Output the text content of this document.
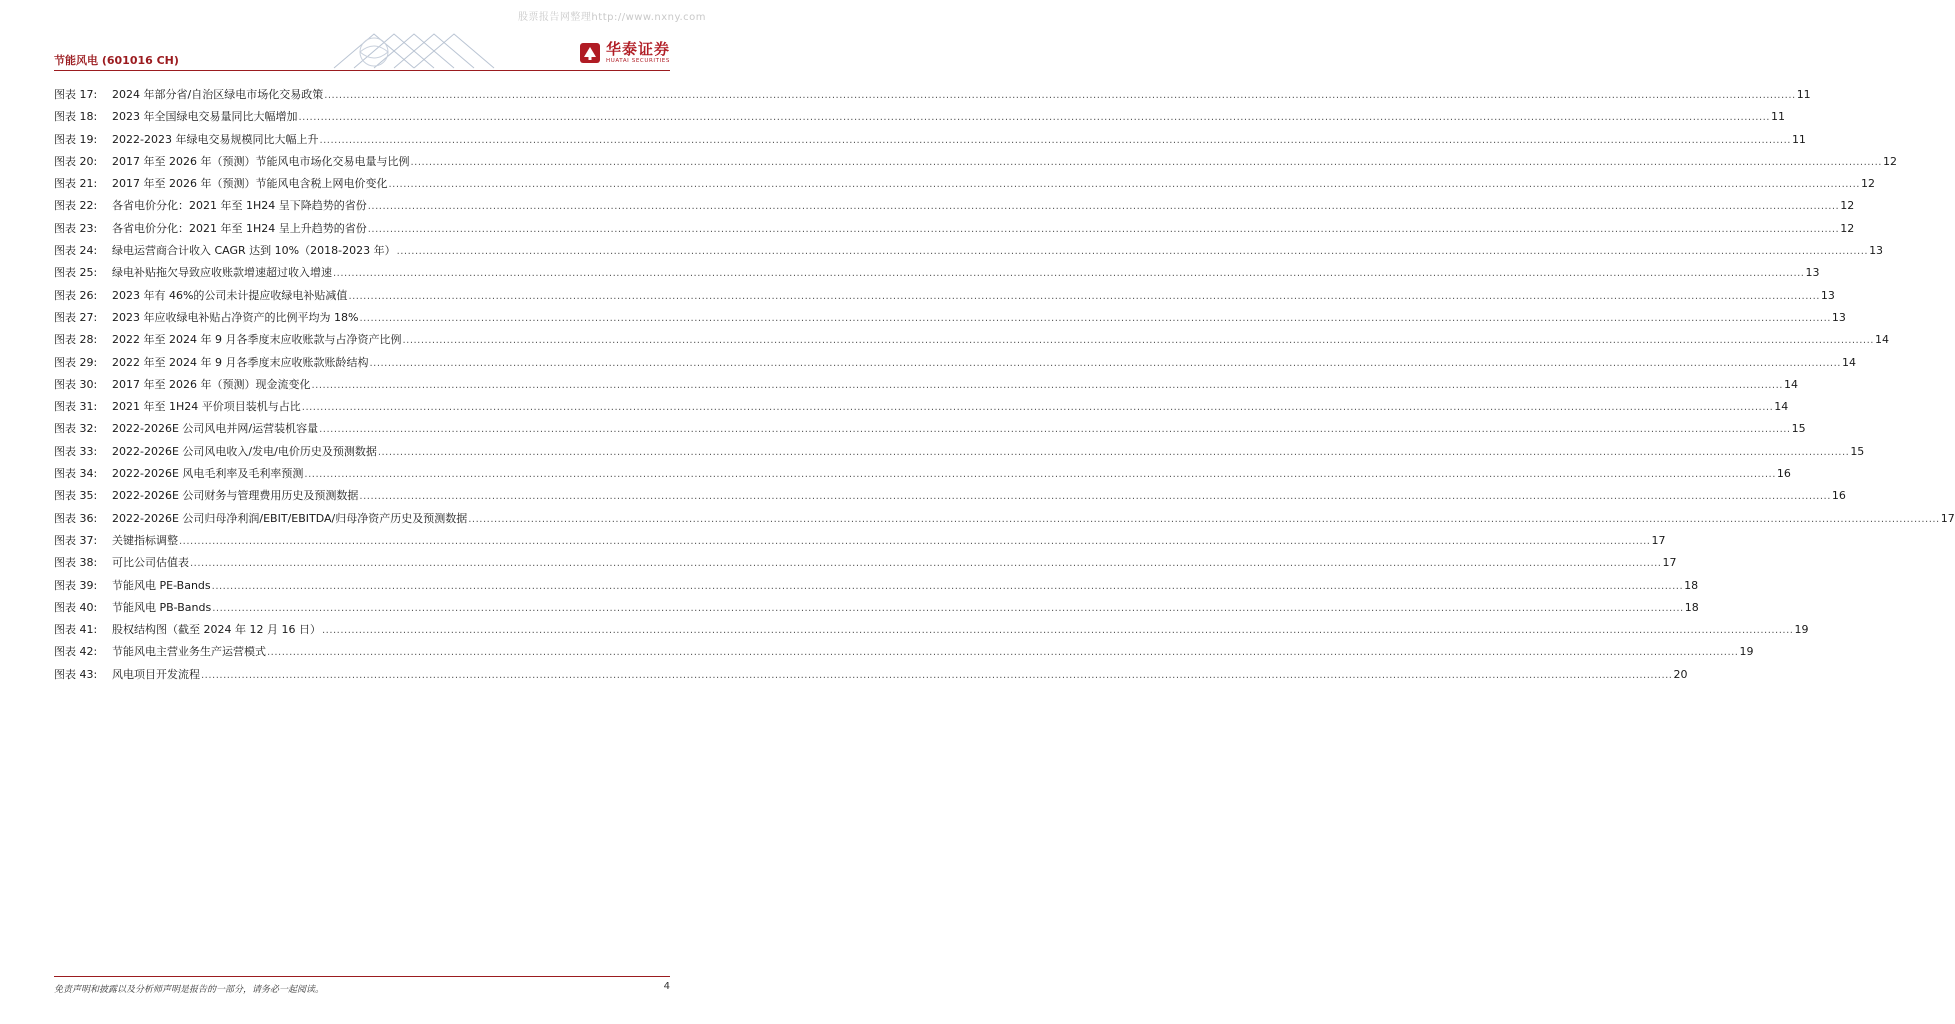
股票报告网整理http://www.nxny.com
节能风电 (601016 CH)
华泰证券
HUATAI SECURITIES
图表 17:	2024 年部分省/自治区绿电市场化交易政策 ................................................................................................................................................................................................................................................................................................................................................................................................................ 11
图表 18:	2023 年全国绿电交易量同比大幅增加 ................................................................................................................................................................................................................................................................................................................................................................................................................ 11
图表 19:	2022-2023 年绿电交易规模同比大幅上升 ................................................................................................................................................................................................................................................................................................................................................................................................................ 11
图表 20:	2017 年至 2026 年（预测）节能风电市场化交易电量与比例 ................................................................................................................................................................................................................................................................................................................................................................................................................ 12
图表 21:	2017 年至 2026 年（预测）节能风电含税上网电价变化 ................................................................................................................................................................................................................................................................................................................................................................................................................ 12
图表 22:	各省电价分化：2021 年至 1H24 呈下降趋势的省份 ................................................................................................................................................................................................................................................................................................................................................................................................................ 12
图表 23:	各省电价分化：2021 年至 1H24 呈上升趋势的省份 ................................................................................................................................................................................................................................................................................................................................................................................................................ 12
图表 24:	绿电运营商合计收入 CAGR 达到 10%（2018-2023 年） ................................................................................................................................................................................................................................................................................................................................................................................................................ 13
图表 25:	绿电补贴拖欠导致应收账款增速超过收入增速 ................................................................................................................................................................................................................................................................................................................................................................................................................ 13
图表 26:	2023 年有 46%的公司未计提应收绿电补贴减值 ................................................................................................................................................................................................................................................................................................................................................................................................................ 13
图表 27:	2023 年应收绿电补贴占净资产的比例平均为 18% ................................................................................................................................................................................................................................................................................................................................................................................................................ 13
图表 28:	2022 年至 2024 年 9 月各季度末应收账款与占净资产比例 ................................................................................................................................................................................................................................................................................................................................................................................................................ 14
图表 29:	2022 年至 2024 年 9 月各季度末应收账款账龄结构 ................................................................................................................................................................................................................................................................................................................................................................................................................ 14
图表 30:	2017 年至 2026 年（预测）现金流变化 ................................................................................................................................................................................................................................................................................................................................................................................................................ 14
图表 31:	2021 年至 1H24 平价项目装机与占比 ................................................................................................................................................................................................................................................................................................................................................................................................................ 14
图表 32:	2022-2026E 公司风电并网/运营装机容量 ................................................................................................................................................................................................................................................................................................................................................................................................................ 15
图表 33:	2022-2026E 公司风电收入/发电/电价历史及预测数据 ................................................................................................................................................................................................................................................................................................................................................................................................................ 15
图表 34:	2022-2026E 风电毛利率及毛利率预测 ................................................................................................................................................................................................................................................................................................................................................................................................................ 16
图表 35:	2022-2026E 公司财务与管理费用历史及预测数据 ................................................................................................................................................................................................................................................................................................................................................................................................................ 16
图表 36:	2022-2026E 公司归母净利润/EBIT/EBITDA/归母净资产历史及预测数据 ................................................................................................................................................................................................................................................................................................................................................................................................................ 17
图表 37:	关键指标调整 ................................................................................................................................................................................................................................................................................................................................................................................................................ 17
图表 38:	可比公司估值表 ................................................................................................................................................................................................................................................................................................................................................................................................................ 17
图表 39:	节能风电 PE-Bands ................................................................................................................................................................................................................................................................................................................................................................................................................ 18
图表 40:	节能风电 PB-Bands ................................................................................................................................................................................................................................................................................................................................................................................................................ 18
图表 41:	股权结构图（截至 2024 年 12 月 16 日） ................................................................................................................................................................................................................................................................................................................................................................................................................ 19
图表 42:	节能风电主营业务生产运营模式 ................................................................................................................................................................................................................................................................................................................................................................................................................ 19
图表 43:	风电项目开发流程 ................................................................................................................................................................................................................................................................................................................................................................................................................ 20
免责声明和披露以及分析师声明是报告的一部分，请务必一起阅读。	4
